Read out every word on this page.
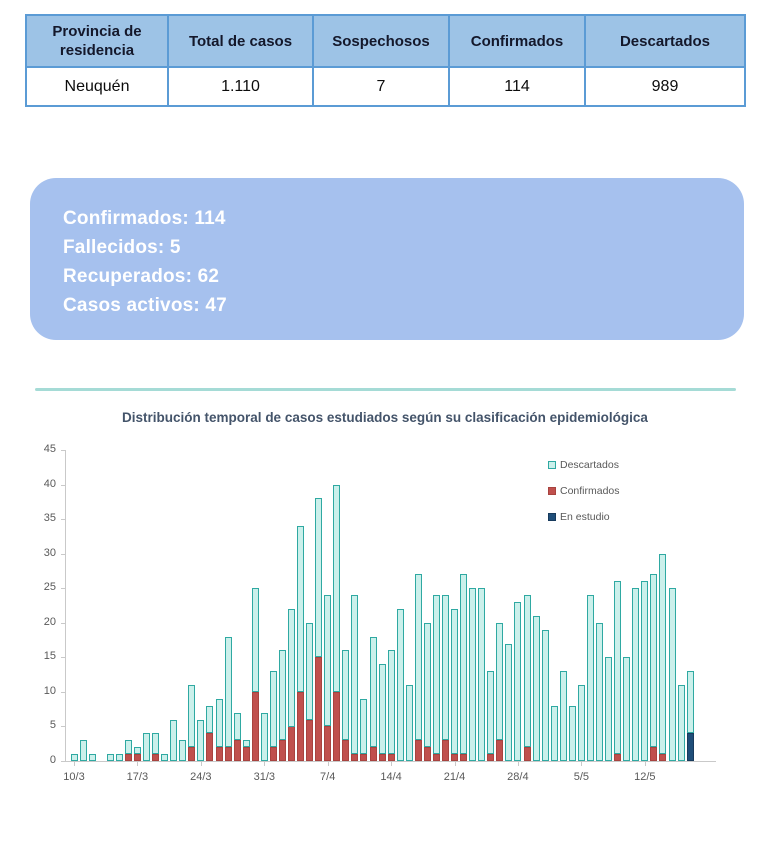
Provincia de residencia	Total de casos	Sospechosos	Confirmados	Descartados
Neuquén	1.110	7	114	989
Confirmados: 114
Fallecidos: 5
Recuperados: 62
Casos activos: 47
Distribución temporal de casos estudiados según su clasificación epidemiológica
0
5
10
15
20
25
30
35
40
45
10/3	17/3	24/3	31/3	7/4	14/4	21/4	28/4	5/5	12/5
Descartados
Confirmados
En estudio
